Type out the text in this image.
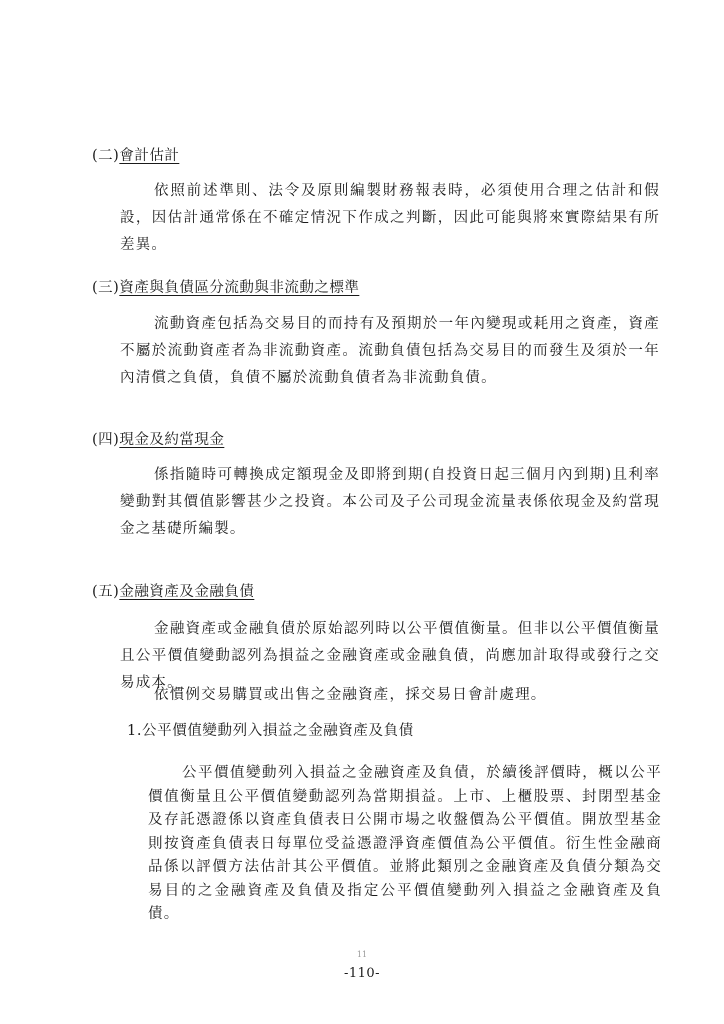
(二)會計估計

依照前述準則、法令及原則編製財務報表時，必須使用合理之估計和假設，因估計通常係在不確定情況下作成之判斷，因此可能與將來實際結果有所差異。

(三)資產與負債區分流動與非流動之標準

流動資產包括為交易目的而持有及預期於一年內變現或耗用之資產，資產不屬於流動資產者為非流動資產。流動負債包括為交易目的而發生及須於一年內清償之負債，負債不屬於流動負債者為非流動負債。

(四)現金及約當現金

係指隨時可轉換成定額現金及即將到期(自投資日起三個月內到期)且利率變動對其價值影響甚少之投資。本公司及子公司現金流量表係依現金及約當現金之基礎所編製。

(五)金融資產及金融負債

金融資產或金融負債於原始認列時以公平價值衡量。但非以公平價值衡量且公平價值變動認列為損益之金融資產或金融負債，尚應加計取得或發行之交易成本。

依慣例交易購買或出售之金融資產，採交易日會計處理。

1.公平價值變動列入損益之金融資產及負債

公平價值變動列入損益之金融資產及負債，於續後評價時，概以公平價值衡量且公平價值變動認列為當期損益。上市、上櫃股票、封閉型基金及存託憑證係以資產負債表日公開市場之收盤價為公平價值。開放型基金則按資產負債表日每單位受益憑證淨資產價值為公平價值。衍生性金融商品係以評價方法估計其公平價值。並將此類別之金融資產及負債分類為交易目的之金融資產及負債及指定公平價值變動列入損益之金融資產及負債。

11
-110-
